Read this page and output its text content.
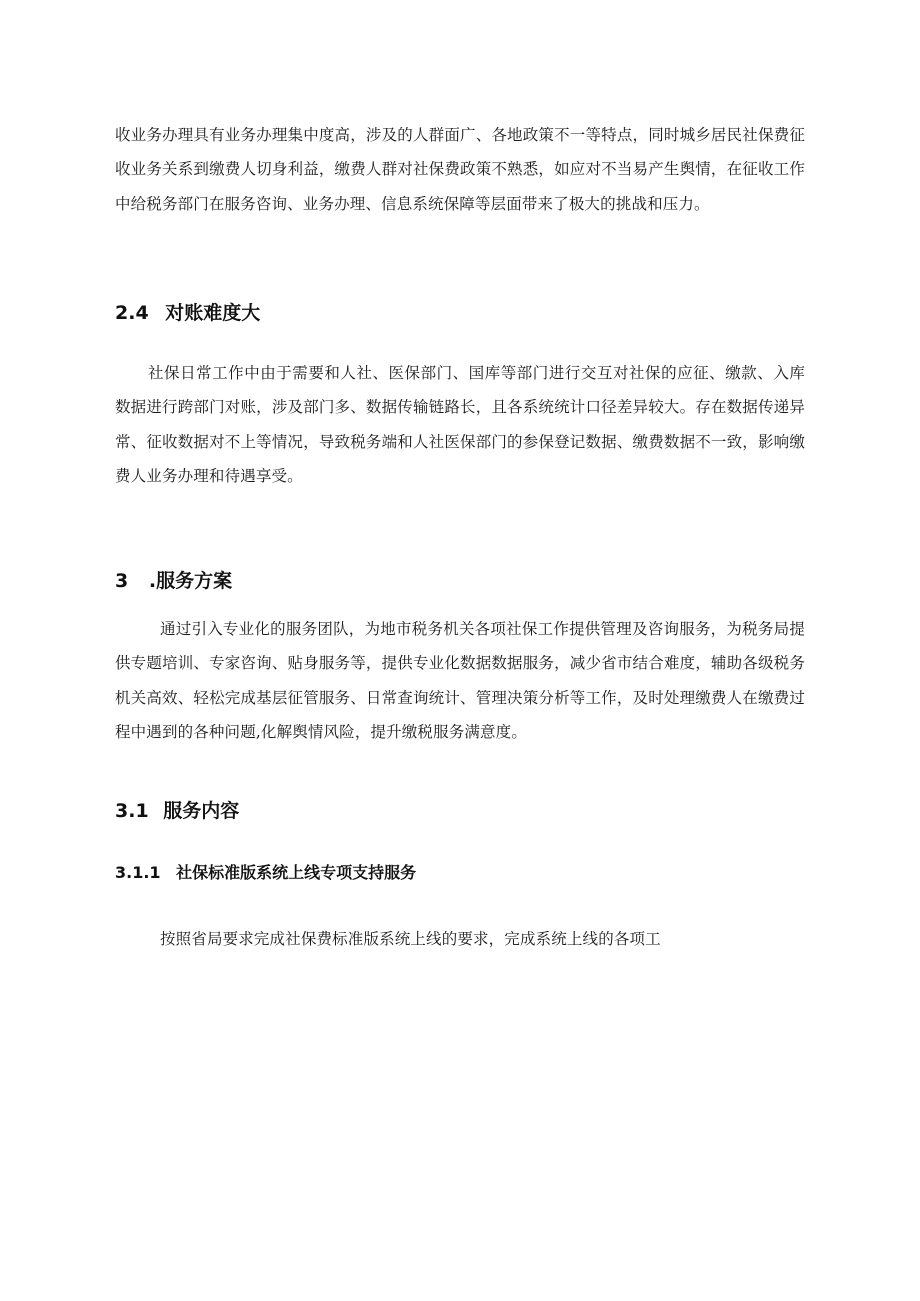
收业务办理具有业务办理集中度高，涉及的人群面广、各地政策不一等特点，同时城乡居民社保费征收业务关系到缴费人切身利益，缴费人群对社保费政策不熟悉，如应对不当易产生舆情，在征收工作中给税务部门在服务咨询、业务办理、信息系统保障等层面带来了极大的挑战和压力。

2.4 对账难度大

社保日常工作中由于需要和人社、医保部门、国库等部门进行交互对社保的应征、缴款、入库数据进行跨部门对账，涉及部门多、数据传输链路长，且各系统统计口径差异较大。存在数据传递异常、征收数据对不上等情况，导致税务端和人社医保部门的参保登记数据、缴费数据不一致，影响缴费人业务办理和待遇享受。

3 .服务方案

通过引入专业化的服务团队，为地市税务机关各项社保工作提供管理及咨询服务，为税务局提供专题培训、专家咨询、贴身服务等，提供专业化数据数据服务，减少省市结合难度，辅助各级税务机关高效、轻松完成基层征管服务、日常查询统计、管理决策分析等工作，及时处理缴费人在缴费过程中遇到的各种问题,化解舆情风险，提升缴税服务满意度。

3.1 服务内容
3.1.1 社保标准版系统上线专项支持服务

按照省局要求完成社保费标准版系统上线的要求，完成系统上线的各项工
